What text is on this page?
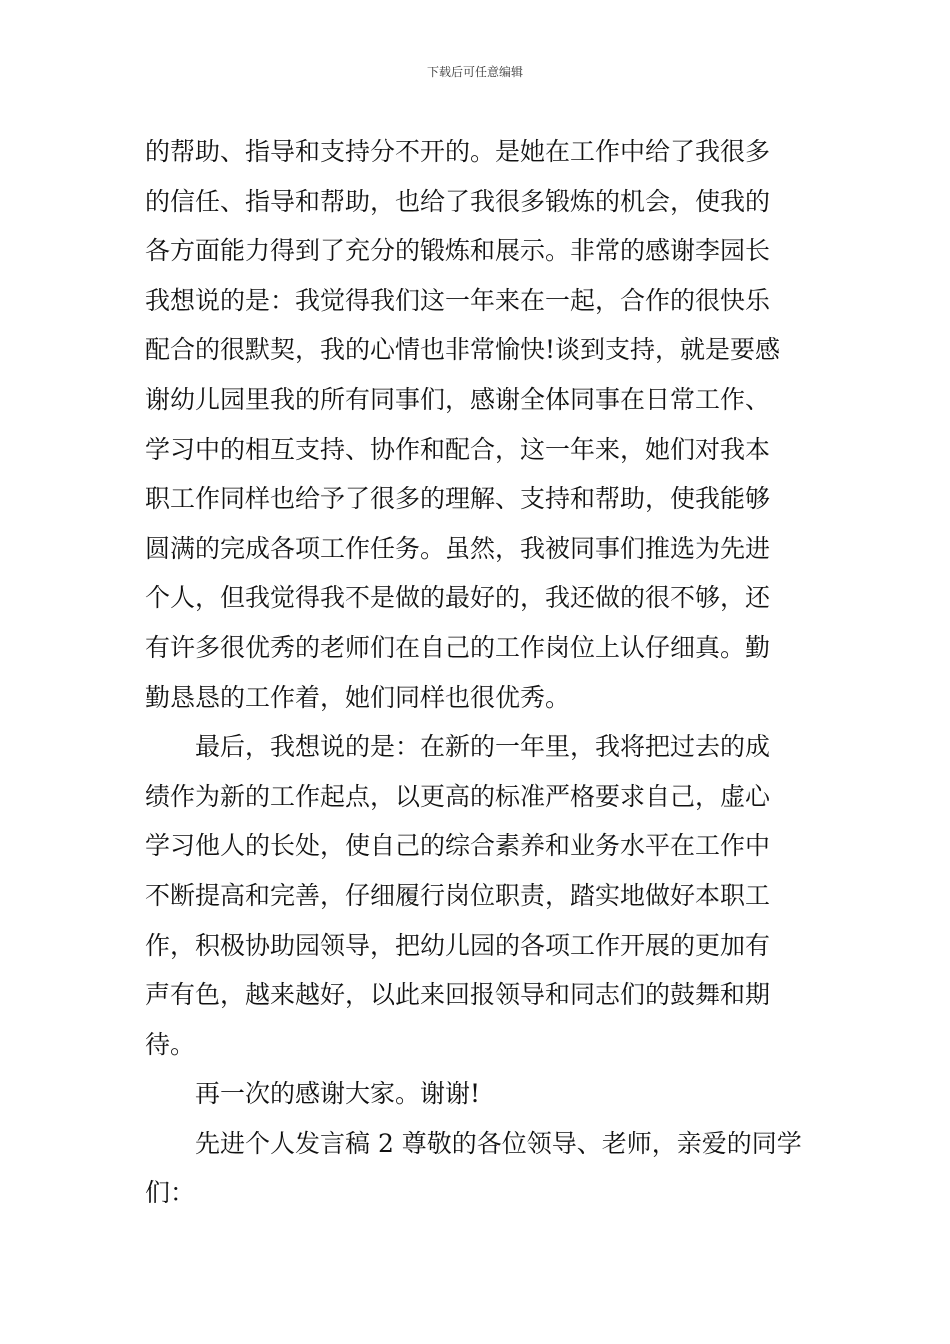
下载后可任意编辑
的帮助、指导和支持分不开的。是她在工作中给了我很多
的信任、指导和帮助，也给了我很多锻炼的机会，使我的
各方面能力得到了充分的锻炼和展示。非常的感谢李园长
我想说的是：我觉得我们这一年来在一起，合作的很快乐
配合的很默契，我的心情也非常愉快!谈到支持，就是要感
谢幼儿园里我的所有同事们，感谢全体同事在日常工作、
学习中的相互支持、协作和配合，这一年来，她们对我本
职工作同样也给予了很多的理解、支持和帮助，使我能够
圆满的完成各项工作任务。虽然，我被同事们推选为先进
个人，但我觉得我不是做的最好的，我还做的很不够，还
有许多很优秀的老师们在自己的工作岗位上认仔细真。勤
勤恳恳的工作着，她们同样也很优秀。
最后，我想说的是：在新的一年里，我将把过去的成
绩作为新的工作起点，以更高的标准严格要求自己，虚心
学习他人的长处，使自己的综合素养和业务水平在工作中
不断提高和完善，仔细履行岗位职责，踏实地做好本职工
作，积极协助园领导，把幼儿园的各项工作开展的更加有
声有色，越来越好，以此来回报领导和同志们的鼓舞和期
待。
再一次的感谢大家。谢谢!
先进个人发言稿 2 尊敬的各位领导、老师，亲爱的同学
们：
